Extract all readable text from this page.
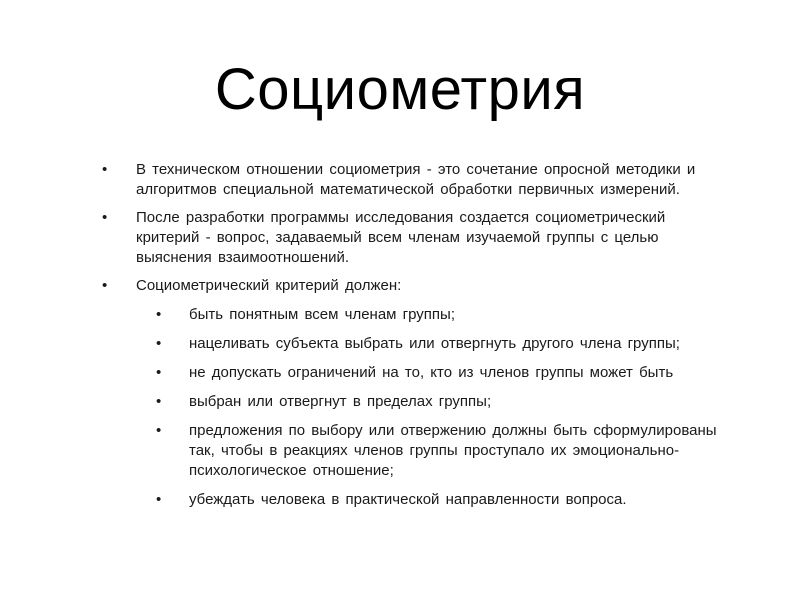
Социометрия
• В техническом отношении социометрия - это сочетание опросной методики и алгоритмов специальной математической обработки первичных измерений.
• После разработки программы исследования создается социометрический критерий - вопрос, задаваемый всем членам изучаемой группы с целью выяснения взаимоотношений.
• Социометрический критерий должен:
• быть понятным всем членам группы;
• нацеливать субъекта выбрать или отвергнуть другого члена группы;
• не допускать ограничений на то, кто из членов группы может быть
• выбран или отвергнут в пределах группы;
• предложения по выбору или отвержению должны быть сформулированы так, чтобы в реакциях членов группы проступало их эмоционально-психологическое отношение;
• убеждать человека в практической направленности вопроса.
